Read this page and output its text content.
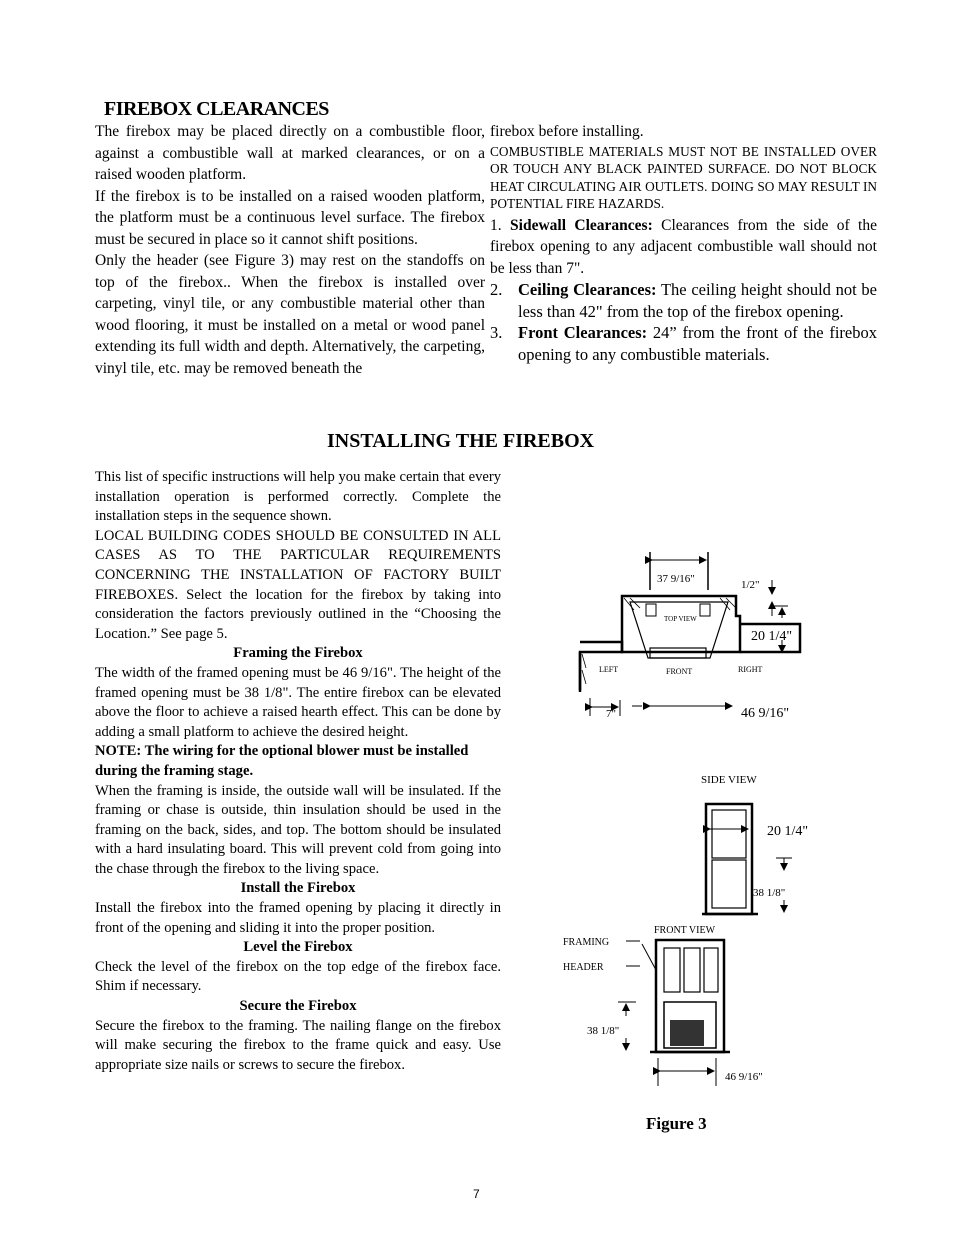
FIREBOX CLEARANCES

The firebox may be placed directly on a combustible floor, against a combustible wall at marked clearances, or on a raised wooden platform.

If the firebox is to be installed on a raised wooden platform, the platform must be a continuous level surface. The firebox must be secured in place so it cannot shift positions.

Only the header (see Figure 3) may rest on the standoffs on top of the firebox.. When the firebox is installed over carpeting, vinyl tile, or any combustible material other than wood flooring, it must be installed on a metal or wood panel extending its full width and depth. Alternatively, the carpeting, vinyl tile, etc. may be removed beneath the

firebox before installing.

COMBUSTIBLE MATERIALS MUST NOT BE INSTALLED OVER OR TOUCH ANY BLACK PAINTED SURFACE. DO NOT BLOCK HEAT CIRCULATING AIR OUTLETS. DOING SO MAY RESULT IN POTENTIAL FIRE HAZARDS.

1. Sidewall Clearances: Clearances from the side of the firebox opening to any adjacent combustible wall should not be less than 7".
2. Ceiling Clearances: The ceiling height should not be less than 42" from the top of the firebox opening.
3. Front Clearances: 24” from the front of the firebox opening to any combustible materials.
INSTALLING THE FIREBOX

This list of specific instructions will help you make certain that every installation operation is performed correctly. Complete the installation steps in the sequence shown.

LOCAL BUILDING CODES SHOULD BE CONSULTED IN ALL CASES AS TO THE PARTICULAR REQUIREMENTS CONCERNING THE INSTALLATION OF FACTORY BUILT FIREBOXES. Select the location for the firebox by taking into consideration the factors previously outlined in the “Choosing the Location.” See page 5.

Framing the Firebox

The width of the framed opening must be 46 9/16". The height of the framed opening must be 38 1/8". The entire firebox can be elevated above the floor to achieve a raised hearth effect. This can be done by adding a small platform to achieve the desired height.

NOTE: The wiring for the optional blower must be installed during the framing stage.

When the framing is inside, the outside wall will be insulated. If the framing or chase is outside, thin insulation should be used in the framing on the back, sides, and top. The bottom should be insulated with a hard insulating board. This will prevent cold from going into the chase through the firebox to the living space.

Install the Firebox

Install the firebox into the framed opening by placing it directly in front of the opening and sliding it into the proper position.

Level the Firebox

Check the level of the firebox on the top edge of the firebox face. Shim if necessary.

Secure the Firebox

Secure the firebox to the framing. The nailing flange on the firebox will make securing the firebox to the frame quick and easy. Use appropriate size nails or screws to secure the firebox.

37 9/16"	1/2"
20 1/4"
TOP VIEW
LEFT	FRONT	RIGHT
7"	46 9/16"
SIDE VIEW
20 1/4"
38 1/8"
FRONT VIEW
FRAMING
HEADER
38 1/8"
46 9/16"
Figure 3
7
